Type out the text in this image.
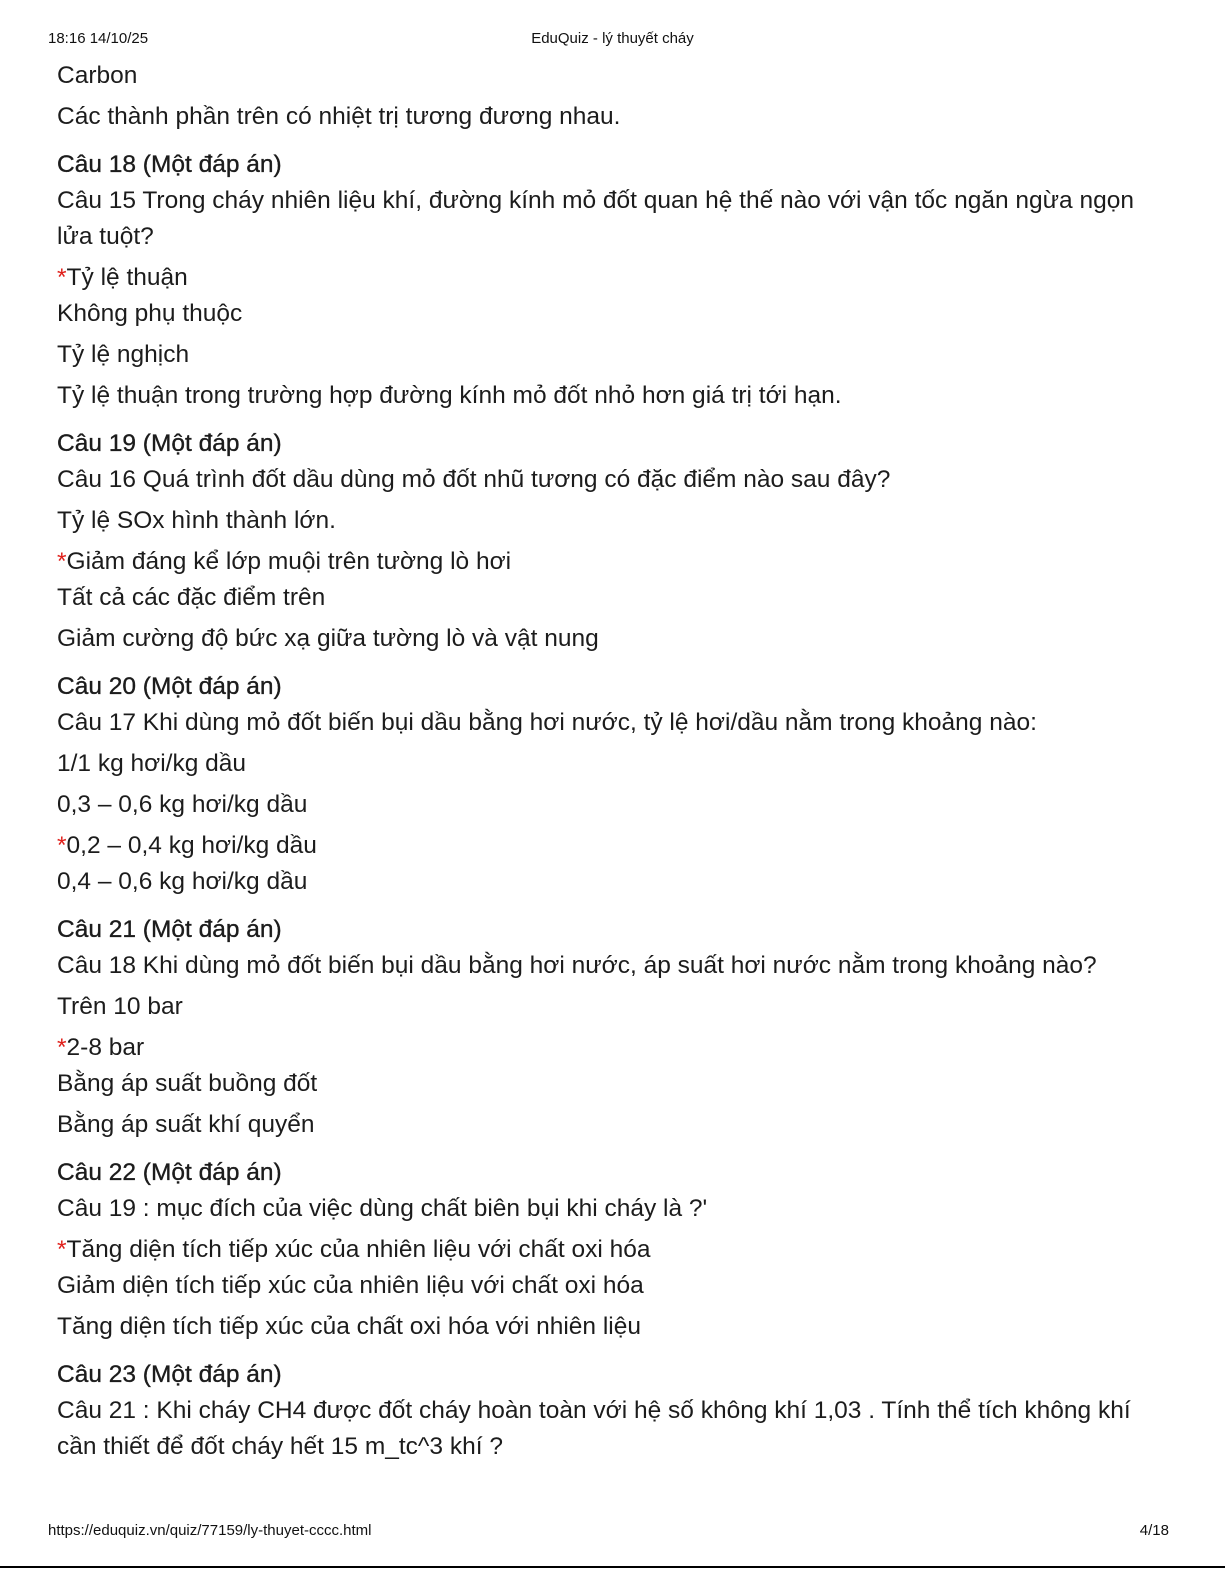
18:16 14/10/25	EduQuiz - lý thuyết cháy
Carbon
Các thành phần trên có nhiệt trị tương đương nhau.
Câu 18 (Một đáp án)
Câu 15 Trong cháy nhiên liệu khí, đường kính mỏ đốt quan hệ thế nào với vận tốc ngăn ngừa ngọn lửa tuột?
*Tỷ lệ thuận
Không phụ thuộc
Tỷ lệ nghịch
Tỷ lệ thuận trong trường hợp đường kính mỏ đốt nhỏ hơn giá trị tới hạn.
Câu 19 (Một đáp án)
Câu 16 Quá trình đốt dầu dùng mỏ đốt nhũ tương có đặc điểm nào sau đây?
Tỷ lệ SOx hình thành lớn.
*Giảm đáng kể lớp muội trên tường lò hơi
Tất cả các đặc điểm trên
Giảm cường độ bức xạ giữa tường lò và vật nung
Câu 20 (Một đáp án)
Câu 17 Khi dùng mỏ đốt biến bụi dầu bằng hơi nước, tỷ lệ hơi/dầu nằm trong khoảng nào:
1/1 kg hơi/kg dầu
0,3 – 0,6 kg hơi/kg dầu
*0,2 – 0,4 kg hơi/kg dầu
0,4 – 0,6 kg hơi/kg dầu
Câu 21 (Một đáp án)
Câu 18 Khi dùng mỏ đốt biến bụi dầu bằng hơi nước, áp suất hơi nước nằm trong khoảng nào?
Trên 10 bar
*2-8 bar
Bằng áp suất buồng đốt
Bằng áp suất khí quyển
Câu 22 (Một đáp án)
Câu 19 : mục đích của việc dùng chất biên bụi khi cháy là ?'
*Tăng diện tích tiếp xúc của nhiên liệu với chất oxi hóa
Giảm diện tích tiếp xúc của nhiên liệu với chất oxi hóa
Tăng diện tích tiếp xúc của chất oxi hóa với nhiên liệu
Câu 23 (Một đáp án)
Câu 21 : Khi cháy CH4 được đốt cháy hoàn toàn với hệ số không khí 1,03 . Tính thể tích không khí cần thiết để đốt cháy hết 15 m_tc^3 khí ?
https://eduquiz.vn/quiz/77159/ly-thuyet-cccc.html	4/18
